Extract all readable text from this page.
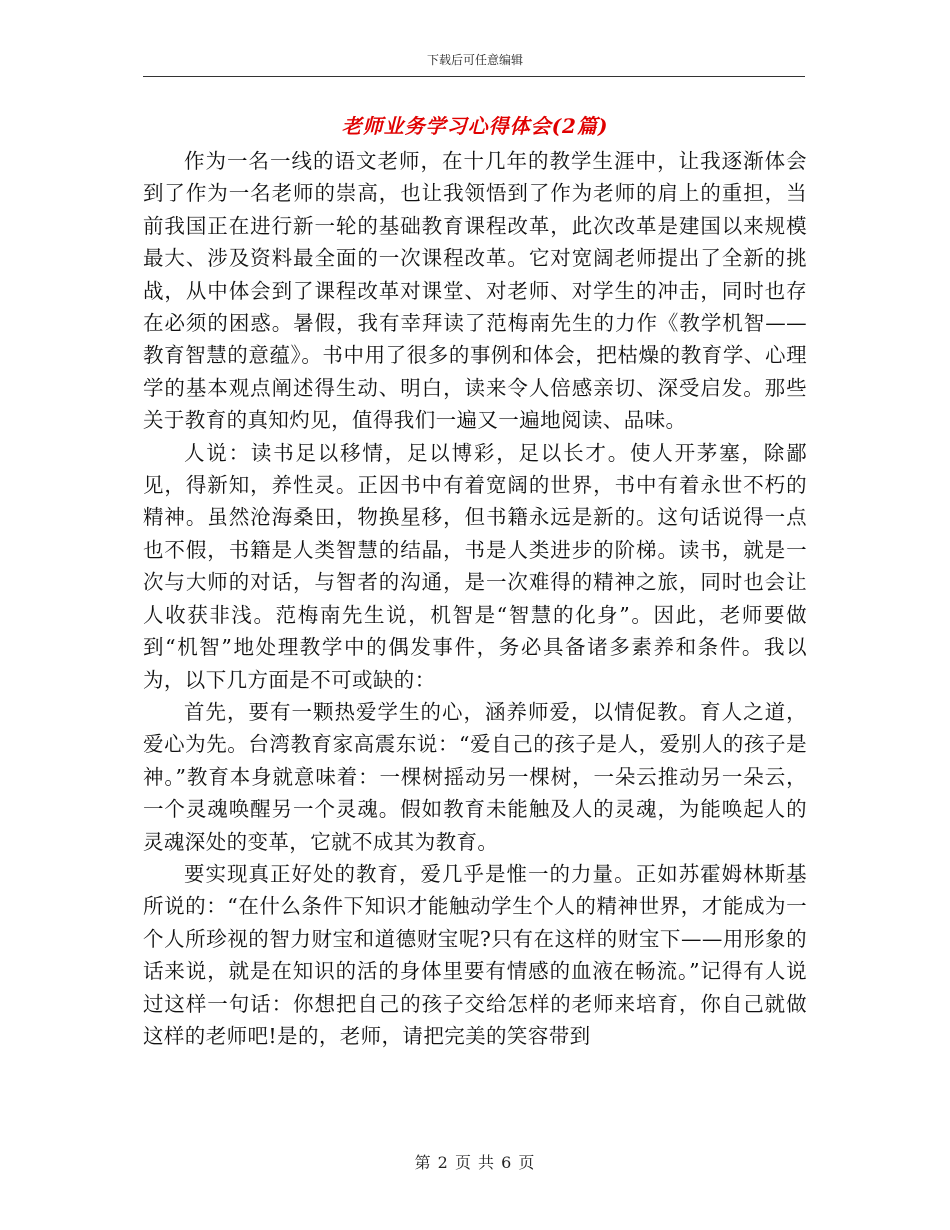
下载后可任意编辑
老师业务学习心得体会(2篇)

作为一名一线的语文老师，在十几年的教学生涯中，让我逐渐体会到了作为一名老师的崇高，也让我领悟到了作为老师的肩上的重担，当前我国正在进行新一轮的基础教育课程改革，此次改革是建国以来规模最大、涉及资料最全面的一次课程改革。它对宽阔老师提出了全新的挑战，从中体会到了课程改革对课堂、对老师、对学生的冲击，同时也存在必须的困惑。暑假，我有幸拜读了范梅南先生的力作《教学机智——教育智慧的意蕴》。书中用了很多的事例和体会，把枯燥的教育学、心理学的基本观点阐述得生动、明白，读来令人倍感亲切、深受启发。那些关于教育的真知灼见，值得我们一遍又一遍地阅读、品味。

人说：读书足以移情，足以博彩，足以长才。使人开茅塞，除鄙见，得新知，养性灵。正因书中有着宽阔的世界，书中有着永世不朽的精神。虽然沧海桑田，物换星移，但书籍永远是新的。这句话说得一点也不假，书籍是人类智慧的结晶，书是人类进步的阶梯。读书，就是一次与大师的对话，与智者的沟通，是一次难得的精神之旅，同时也会让人收获非浅。范梅南先生说，机智是“智慧的化身”。因此，老师要做到“机智”地处理教学中的偶发事件，务必具备诸多素养和条件。我以为，以下几方面是不可或缺的：

首先，要有一颗热爱学生的心，涵养师爱，以情促教。育人之道，爱心为先。台湾教育家高震东说：“爱自己的孩子是人，爱别人的孩子是神。”教育本身就意味着：一棵树摇动另一棵树，一朵云推动另一朵云，一个灵魂唤醒另一个灵魂。假如教育未能触及人的灵魂，为能唤起人的灵魂深处的变革，它就不成其为教育。

要实现真正好处的教育，爱几乎是惟一的力量。正如苏霍姆林斯基所说的：“在什么条件下知识才能触动学生个人的精神世界，才能成为一个人所珍视的智力财宝和道德财宝呢?只有在这样的财宝下——用形象的话来说，就是在知识的活的身体里要有情感的血液在畅流。”记得有人说过这样一句话：你想把自己的孩子交给怎样的老师来培育，你自己就做这样的老师吧!是的，老师，请把完美的笑容带到

第 2 页 共 6 页
